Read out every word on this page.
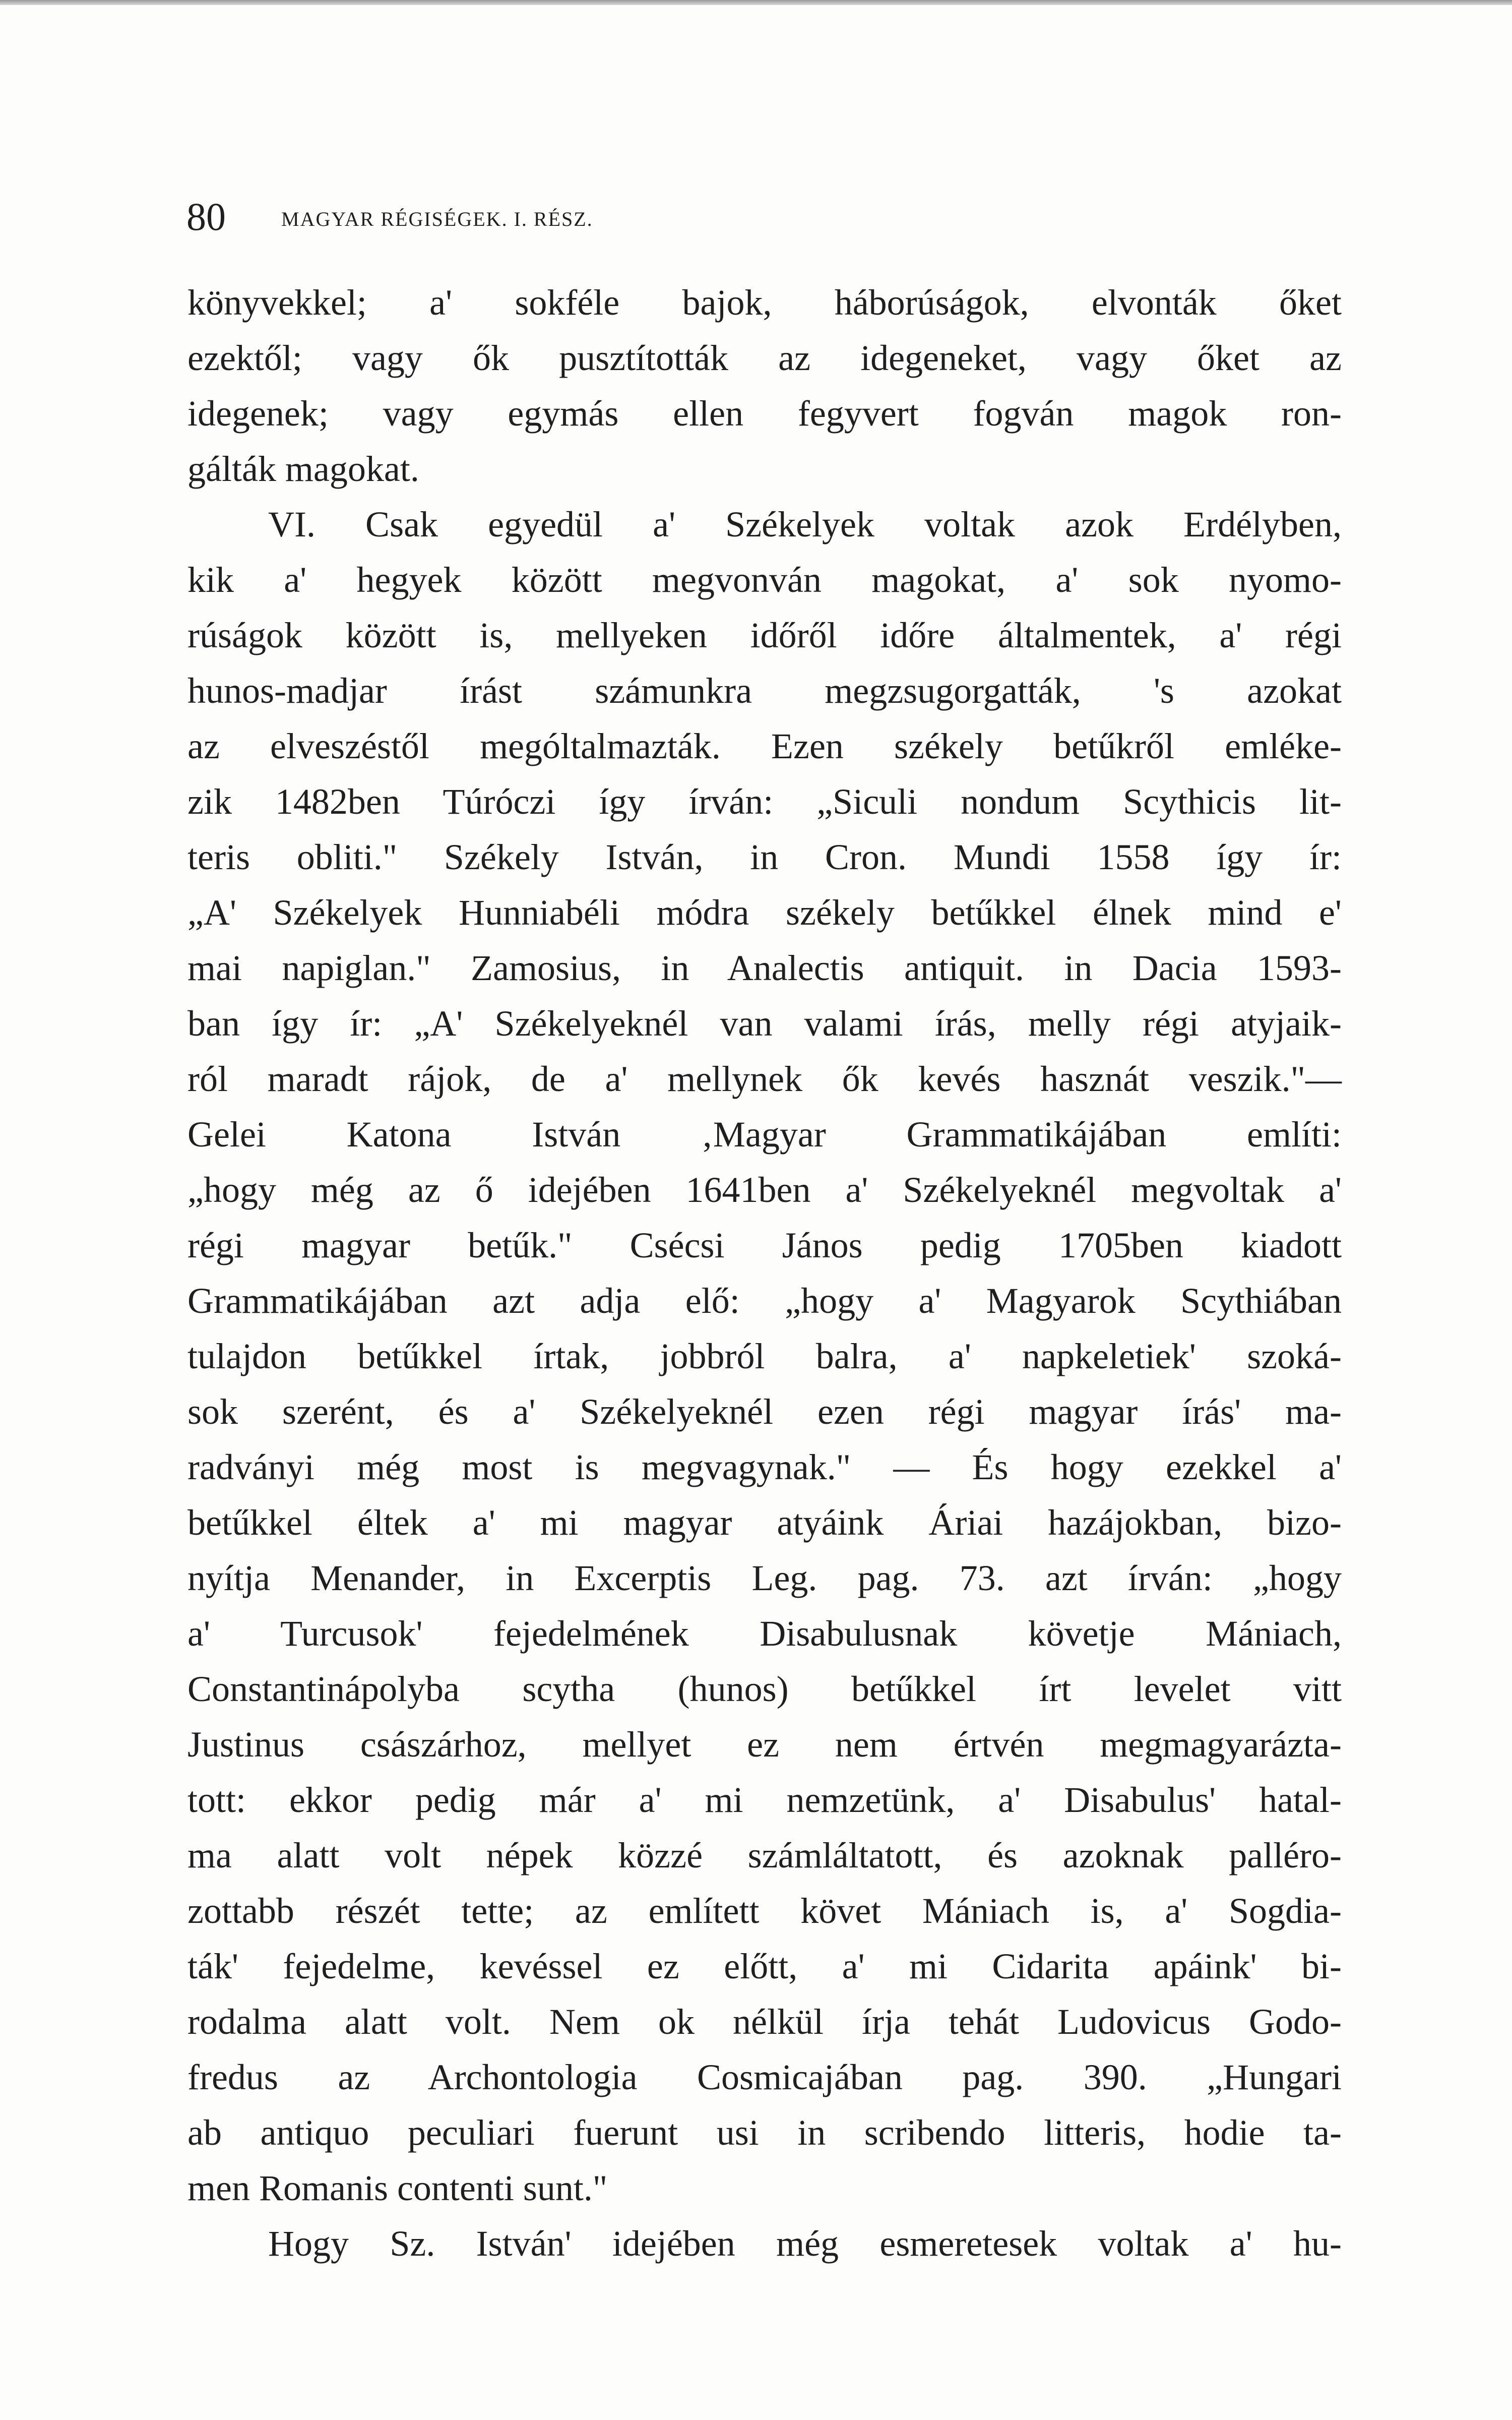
80	MAGYAR RÉGISÉGEK. I. RÉSZ.
könyvekkel; a' sokféle bajok, háborúságok, elvonták őket
ezektől; vagy ők pusztították az idegeneket, vagy őket az
idegenek; vagy egymás ellen fegyvert fogván magok ron-
gálták magokat.
VI. Csak egyedül a' Székelyek voltak azok Erdélyben,
kik a' hegyek között megvonván magokat, a' sok nyomo-
rúságok között is, mellyeken időről időre általmentek, a' régi
hunos-madjar írást számunkra megzsugorgatták, 's azokat
az elveszéstől mególtalmazták. Ezen székely betűkről emléke-
zik 1482ben Túróczi így írván: „Siculi nondum Scythicis lit-
teris obliti." Székely István, in Cron. Mundi 1558 így ír:
„A' Székelyek Hunniabéli módra székely betűkkel élnek mind e'
mai napiglan." Zamosius, in Analectis antiquit. in Dacia 1593-
ban így ír: „A' Székelyeknél van valami írás, melly régi atyjaik-
ról maradt rájok, de a' mellynek ők kevés hasznát veszik."—
Gelei Katona István ‚Magyar Grammatikájában említi:
„hogy még az ő idejében 1641ben a' Székelyeknél megvoltak a'
régi magyar betűk." Csécsi János pedig 1705ben kiadott
Grammatikájában azt adja elő: „hogy a' Magyarok Scythiában
tulajdon betűkkel írtak, jobbról balra, a' napkeletiek' szoká-
sok szerént, és a' Székelyeknél ezen régi magyar írás' ma-
radványi még most is megvagynak." — És hogy ezekkel a'
betűkkel éltek a' mi magyar atyáink Áriai hazájokban, bizo-
nyítja Menander, in Excerptis Leg. pag. 73. azt írván: „hogy
a' Turcusok' fejedelmének Disabulusnak követje Mániach,
Constantinápolyba scytha (hunos) betűkkel írt levelet vitt
Justinus császárhoz, mellyet ez nem értvén megmagyarázta-
tott: ekkor pedig már a' mi nemzetünk, a' Disabulus' hatal-
ma alatt volt népek közzé számláltatott, és azoknak palléro-
zottabb részét tette; az említett követ Mániach is, a' Sogdia-
ták' fejedelme, kevéssel ez előtt, a' mi Cidarita apáink' bi-
rodalma alatt volt. Nem ok nélkül írja tehát Ludovicus Godo-
fredus az Archontologia Cosmicajában pag. 390. „Hungari
ab antiquo peculiari fuerunt usi in scribendo litteris, hodie ta-
men Romanis contenti sunt."
Hogy Sz. István' idejében még esmeretesek voltak a' hu-
